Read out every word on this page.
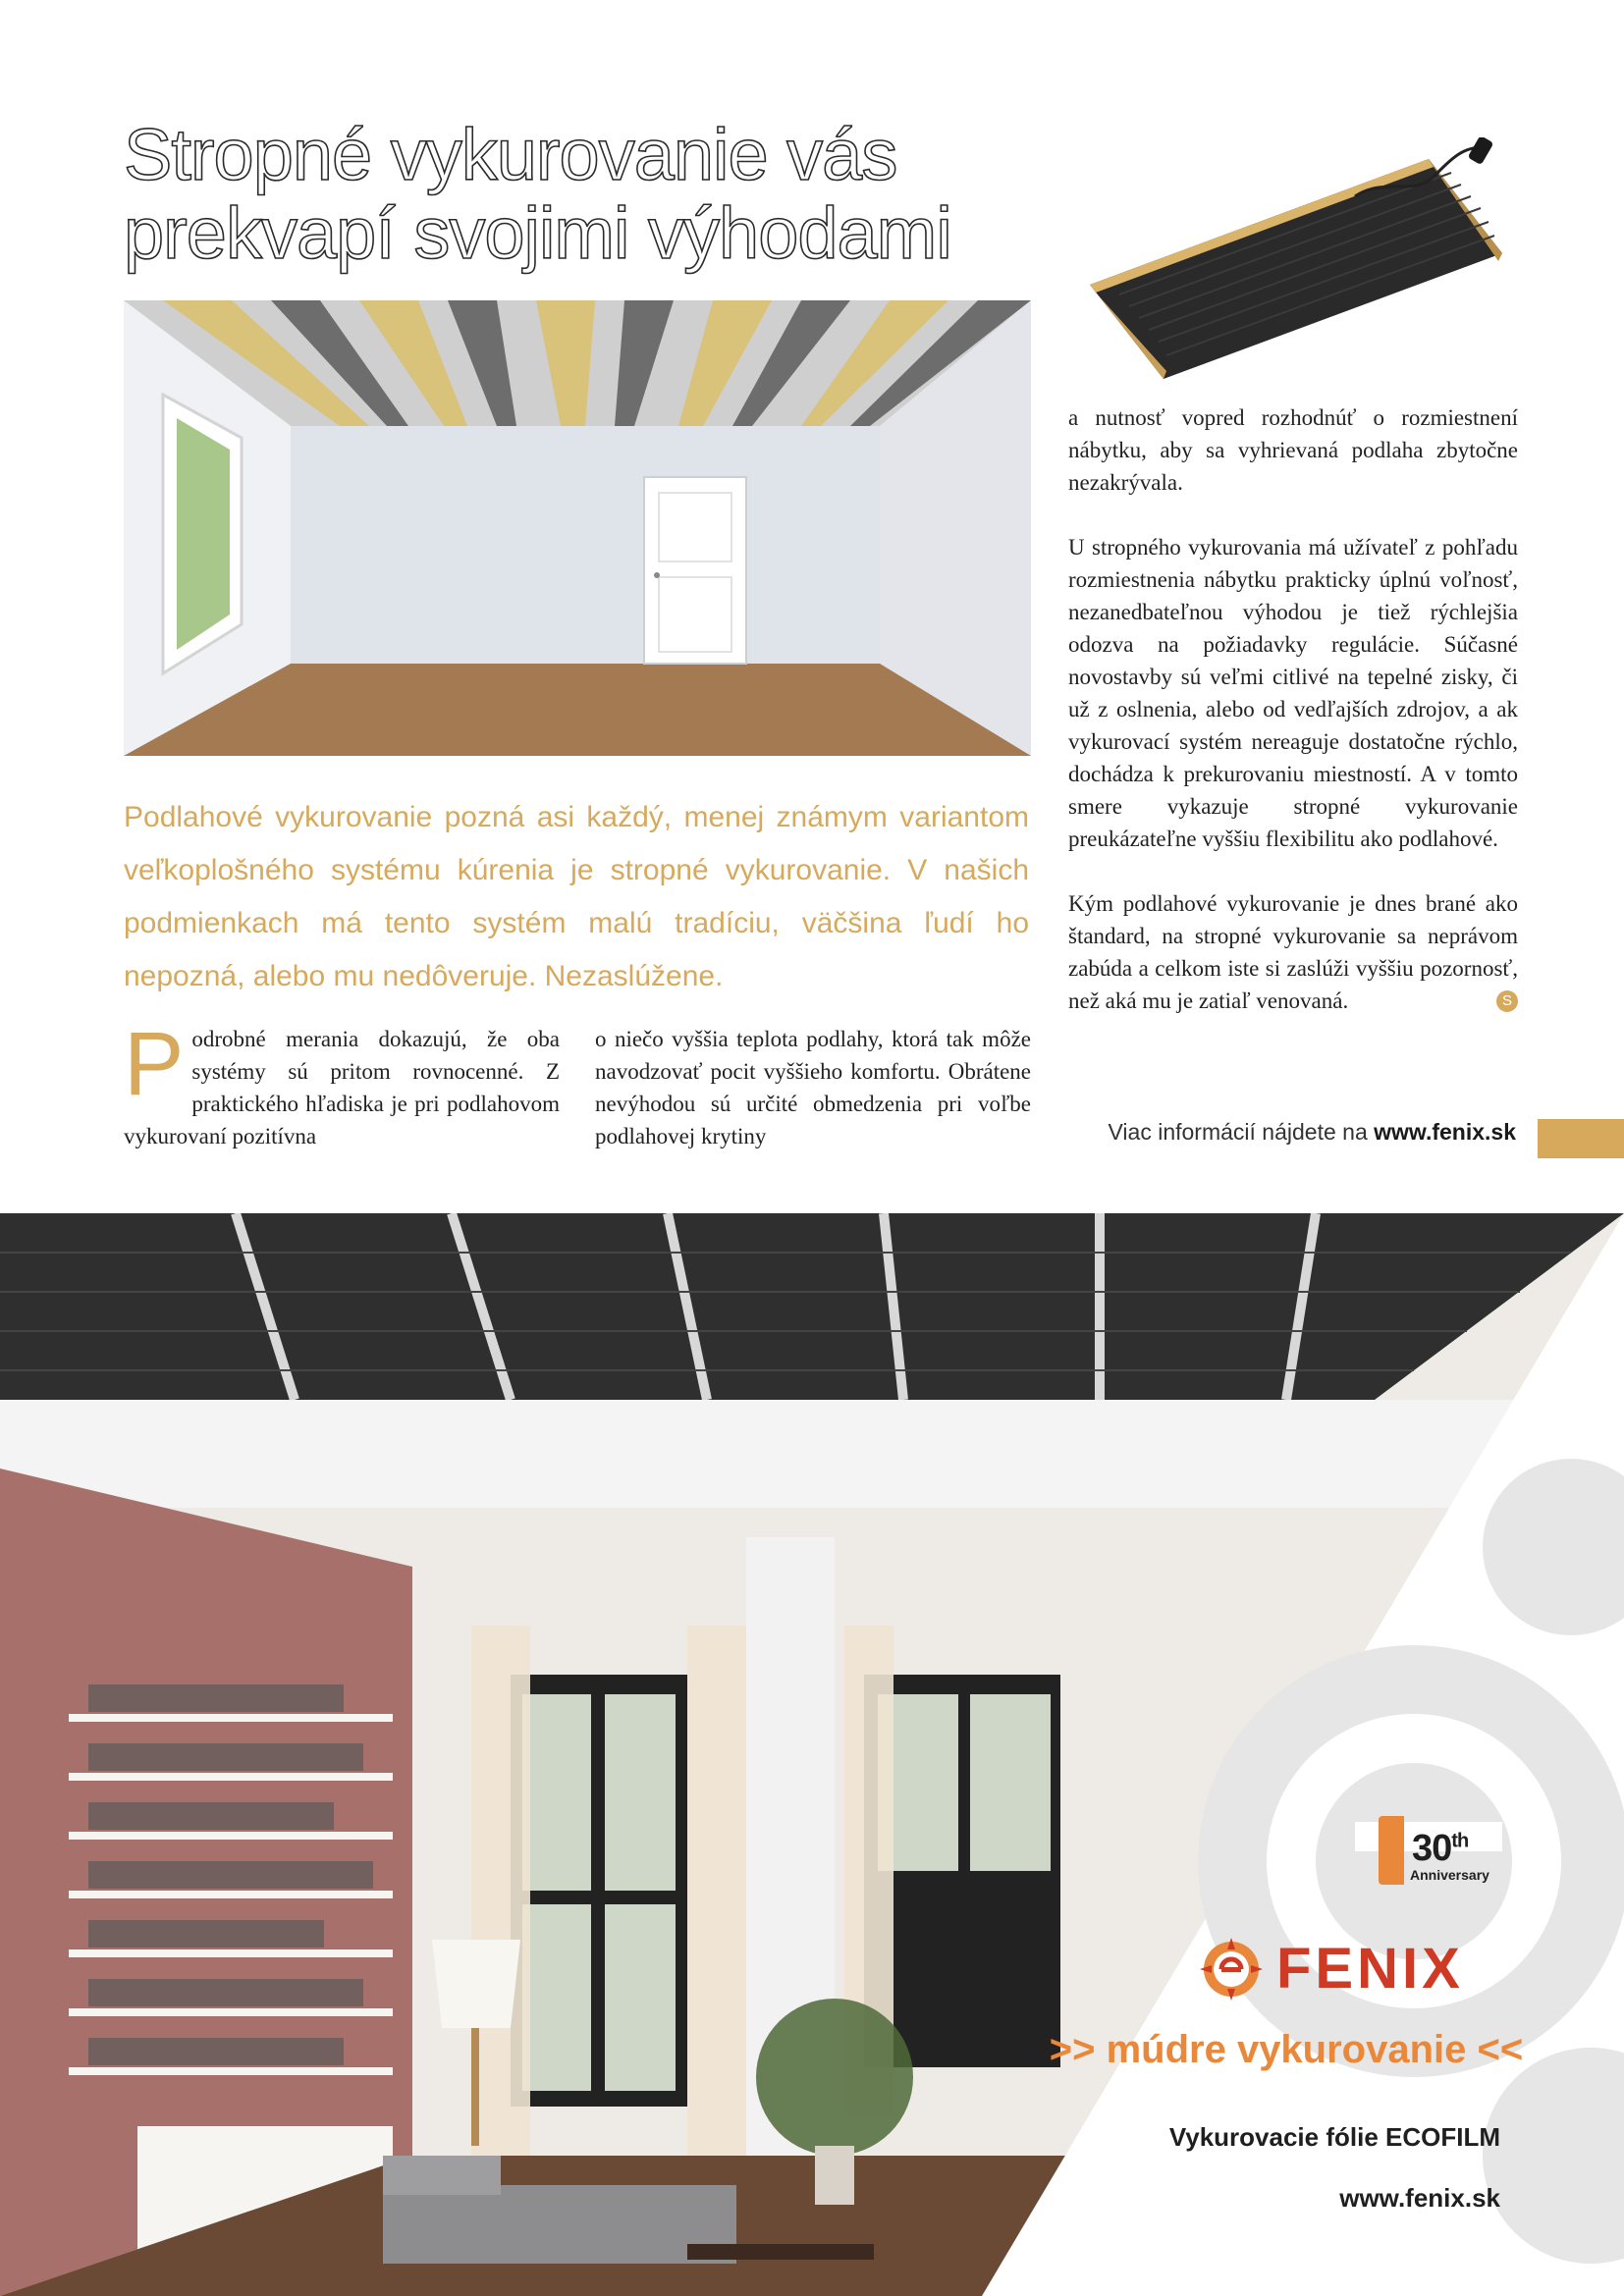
Stropné vykurovanie vás
prekvapí svojimi výhodami

Podlahové vykurovanie pozná asi každý, menej známym variantom veľkoplošného systému kúrenia je stropné vykurovanie. V našich podmienkach má tento systém malú tradíciu, väčšina ľudí ho nepozná, alebo mu nedôveruje. Nezaslúžene.

Podrobné merania dokazujú, že oba systémy sú pritom rovnocenné. Z praktického hľadiska je pri podlahovom vykurovaní pozitívna

o niečo vyššia teplota podlahy, ktorá tak môže navodzovať pocit vyššieho komfortu. Obrátene nevýhodou sú určité obmedzenia pri voľbe podlahovej krytiny

a nutnosť vopred rozhodnúť o rozmiestnení nábytku, aby sa vyhrievaná podlaha zbytočne nezakrývala.

U stropného vykurovania má užívateľ z pohľadu rozmiestnenia nábytku prakticky úplnú voľnosť, nezanedbateľnou výhodou je tiež rýchlejšia odozva na požiadavky regulácie. Súčasné novostavby sú veľmi citlivé na tepelné zisky, či už z oslnenia, alebo od vedľajších zdrojov, a ak vykurovací systém nereaguje dostatočne rýchlo, dochádza k prekurovaniu miestností. A v tomto smere vykazuje stropné vykurovanie preukázateľne vyššiu flexibilitu ako podlahové.

Kým podlahové vykurovanie je dnes brané ako štandard, na stropné vykurovanie sa neprávom zabúda a celkom iste si zaslúži vyššiu pozornosť, než aká mu je zatiaľ venovaná.	S

Viac informácií nájdete na www.fenix.sk

30th
Anniversary
FENIX

>> múdre vykurovanie <<

Vykurovacie fólie ECOFILM

www.fenix.sk
